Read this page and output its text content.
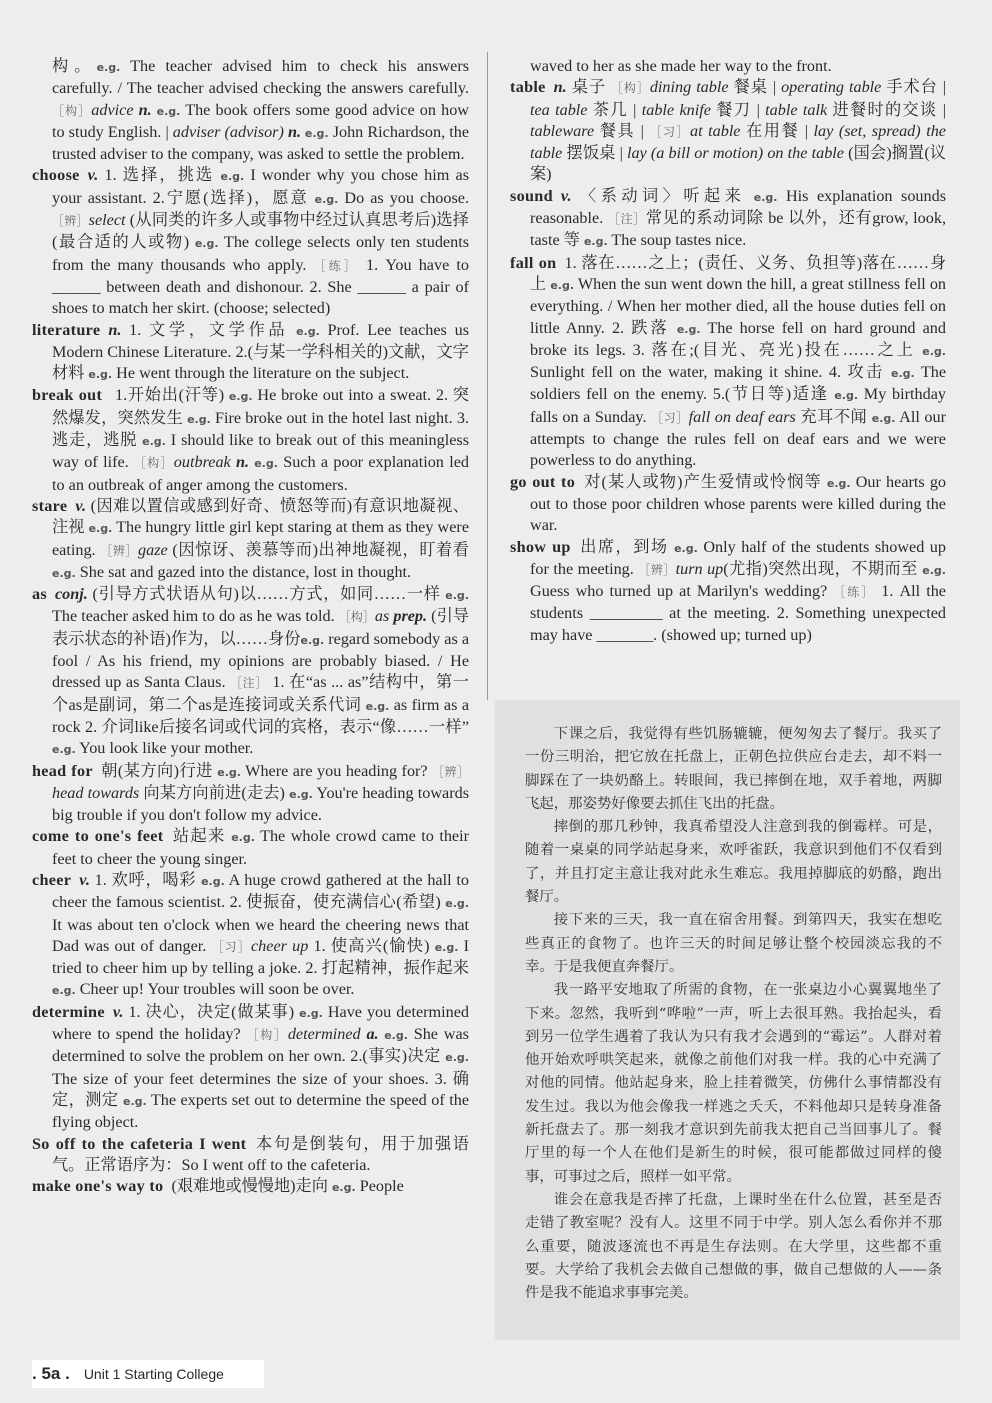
构。e.g. The teacher advised him to check his answers carefully. / The teacher advised checking the answers carefully. ［构］advice n. e.g. The book offers some good advice on how to study English. | adviser (advisor) n. e.g. John Richardson, the trusted adviser to the company, was asked to settle the problem.

choose v. 1. 选择，挑选 e.g. I wonder why you chose him as your assistant. 2.宁愿(选择)，愿意 e.g. Do as you choose. ［辨］select (从同类的许多人或事物中经过认真思考后)选择(最合适的人或物) e.g. The college selects only ten students from the many thousands who apply. ［练］ 1. You have to ______ between death and dishonour. 2. She ______ a pair of shoes to match her skirt. (choose; selected)

literature n. 1. 文学，文学作品 e.g. Prof. Lee teaches us Modern Chinese Literature. 2.(与某一学科相关的)文献，文字材料 e.g. He went through the literature on the subject.

break out 1.开始出(汗等) e.g. He broke out into a sweat. 2. 突然爆发，突然发生 e.g. Fire broke out in the hotel last night. 3. 逃走，逃脱 e.g. I should like to break out of this meaningless way of life. ［构］outbreak n. e.g. Such a poor explanation led to an outbreak of anger among the customers.

stare v. (因难以置信或感到好奇、愤怒等而)有意识地凝视、注视 e.g. The hungry little girl kept staring at them as they were eating. ［辨］gaze (因惊讶、羡慕等而)出神地凝视，盯着看 e.g. She sat and gazed into the distance, lost in thought.

as conj. (引导方式状语从句)以……方式，如同……一样 e.g. The teacher asked him to do as he was told. ［构］as prep. (引导表示状态的补语)作为，以……身份e.g. regard somebody as a fool / As his friend, my opinions are probably biased. / He dressed up as Santa Claus. ［注］ 1. 在“as ... as”结构中，第一个as是副词，第二个as是连接词或关系代词 e.g. as firm as a rock 2. 介词like后接名词或代词的宾格，表示“像……一样” e.g. You look like your mother.

head for 朝(某方向)行进 e.g. Where are you heading for? ［辨］head towards 向某方向前进(走去) e.g. You're heading towards big trouble if you don't follow my advice.

come to one's feet 站起来 e.g. The whole crowd came to their feet to cheer the young singer.

cheer v. 1. 欢呼，喝彩 e.g. A huge crowd gathered at the hall to cheer the famous scientist. 2. 使振奋，使充满信心(希望) e.g. It was about ten o'clock when we heard the cheering news that Dad was out of danger. ［习］cheer up 1. 使高兴(愉快) e.g. I tried to cheer him up by telling a joke. 2. 打起精神，振作起来 e.g. Cheer up! Your troubles will soon be over.

determine v. 1. 决心，决定(做某事) e.g. Have you determined where to spend the holiday? ［构］determined a. e.g. She was determined to solve the problem on her own. 2.(事实)决定 e.g. The size of your feet determines the size of your shoes. 3. 确定，测定 e.g. The experts set out to determine the speed of the flying object.

So off to the cafeteria I went 本句是倒装句，用于加强语气。正常语序为：So I went off to the cafeteria.

make one's way to (艰难地或慢慢地)走向 e.g. People

waved to her as she made her way to the front.

table n. 桌子 ［构］dining table 餐桌 | operating table 手术台 | tea table 茶几 | table knife 餐刀 | table talk 进餐时的交谈 | tableware 餐具 | ［习］at table 在用餐 | lay (set, spread) the table 摆饭桌 | lay (a bill or motion) on the table (国会)搁置(议案)

sound v. 〈系动词〉听起来 e.g. His explanation sounds reasonable. ［注］常见的系动词除 be 以外，还有grow, look, taste 等 e.g. The soup tastes nice.

fall on 1. 落在……之上；(责任、义务、负担等)落在……身上 e.g. When the sun went down the hill, a great stillness fell on everything. / When her mother died, all the house duties fell on little Anny. 2. 跌落 e.g. The horse fell on hard ground and broke its legs. 3. 落在;(目光、亮光)投在……之上 e.g. Sunlight fell on the water, making it shine. 4. 攻击 e.g. The soldiers fell on the enemy. 5.(节日等)适逢 e.g. My birthday falls on a Sunday. ［习］fall on deaf ears 充耳不闻 e.g. All our attempts to change the rules fell on deaf ears and we were powerless to do anything.

go out to 对(某人或物)产生爱情或怜悯等 e.g. Our hearts go out to those poor children whose parents were killed during the war.

show up 出席，到场 e.g. Only half of the students showed up for the meeting. ［辨］turn up(尤指)突然出现，不期而至 e.g. Guess who turned up at Marilyn's wedding? ［练］ 1. All the students _________ at the meeting. 2. Something unexpected may have _______. (showed up; turned up)

下课之后，我觉得有些饥肠辘辘，便匆匆去了餐厅。我买了一份三明治，把它放在托盘上，正朝色拉供应台走去，却不料一脚踩在了一块奶酪上。转眼间，我已摔倒在地，双手着地，两脚飞起，那姿势好像要去抓住飞出的托盘。

摔倒的那几秒钟，我真希望没人注意到我的倒霉样。可是，随着一桌桌的同学站起身来，欢呼雀跃，我意识到他们不仅看到了，并且打定主意让我对此永生难忘。我甩掉脚底的奶酪，跑出餐厅。

接下来的三天，我一直在宿舍用餐。到第四天，我实在想吃些真正的食物了。也许三天的时间足够让整个校园淡忘我的不幸。于是我便直奔餐厅。

我一路平安地取了所需的食物，在一张桌边小心翼翼地坐了下来。忽然，我听到“哗啦”一声，听上去很耳熟。我抬起头，看到另一位学生遇着了我认为只有我才会遇到的“霉运”。人群对着他开始欢呼哄笑起来，就像之前他们对我一样。我的心中充满了对他的同情。他站起身来，脸上挂着微笑，仿佛什么事情都没有发生过。我以为他会像我一样逃之夭夭，不料他却只是转身准备新托盘去了。那一刻我才意识到先前我太把自己当回事儿了。餐厅里的每一个人在他们是新生的时候，很可能都做过同样的傻事，可事过之后，照样一如平常。

谁会在意我是否摔了托盘，上课时坐在什么位置，甚至是否走错了教室呢？没有人。这里不同于中学。别人怎么看你并不那么重要，随波逐流也不再是生存法则。在大学里，这些都不重要。大学给了我机会去做自己想做的事，做自己想做的人——条件是我不能追求事事完美。

. 5a . Unit 1 Starting College
